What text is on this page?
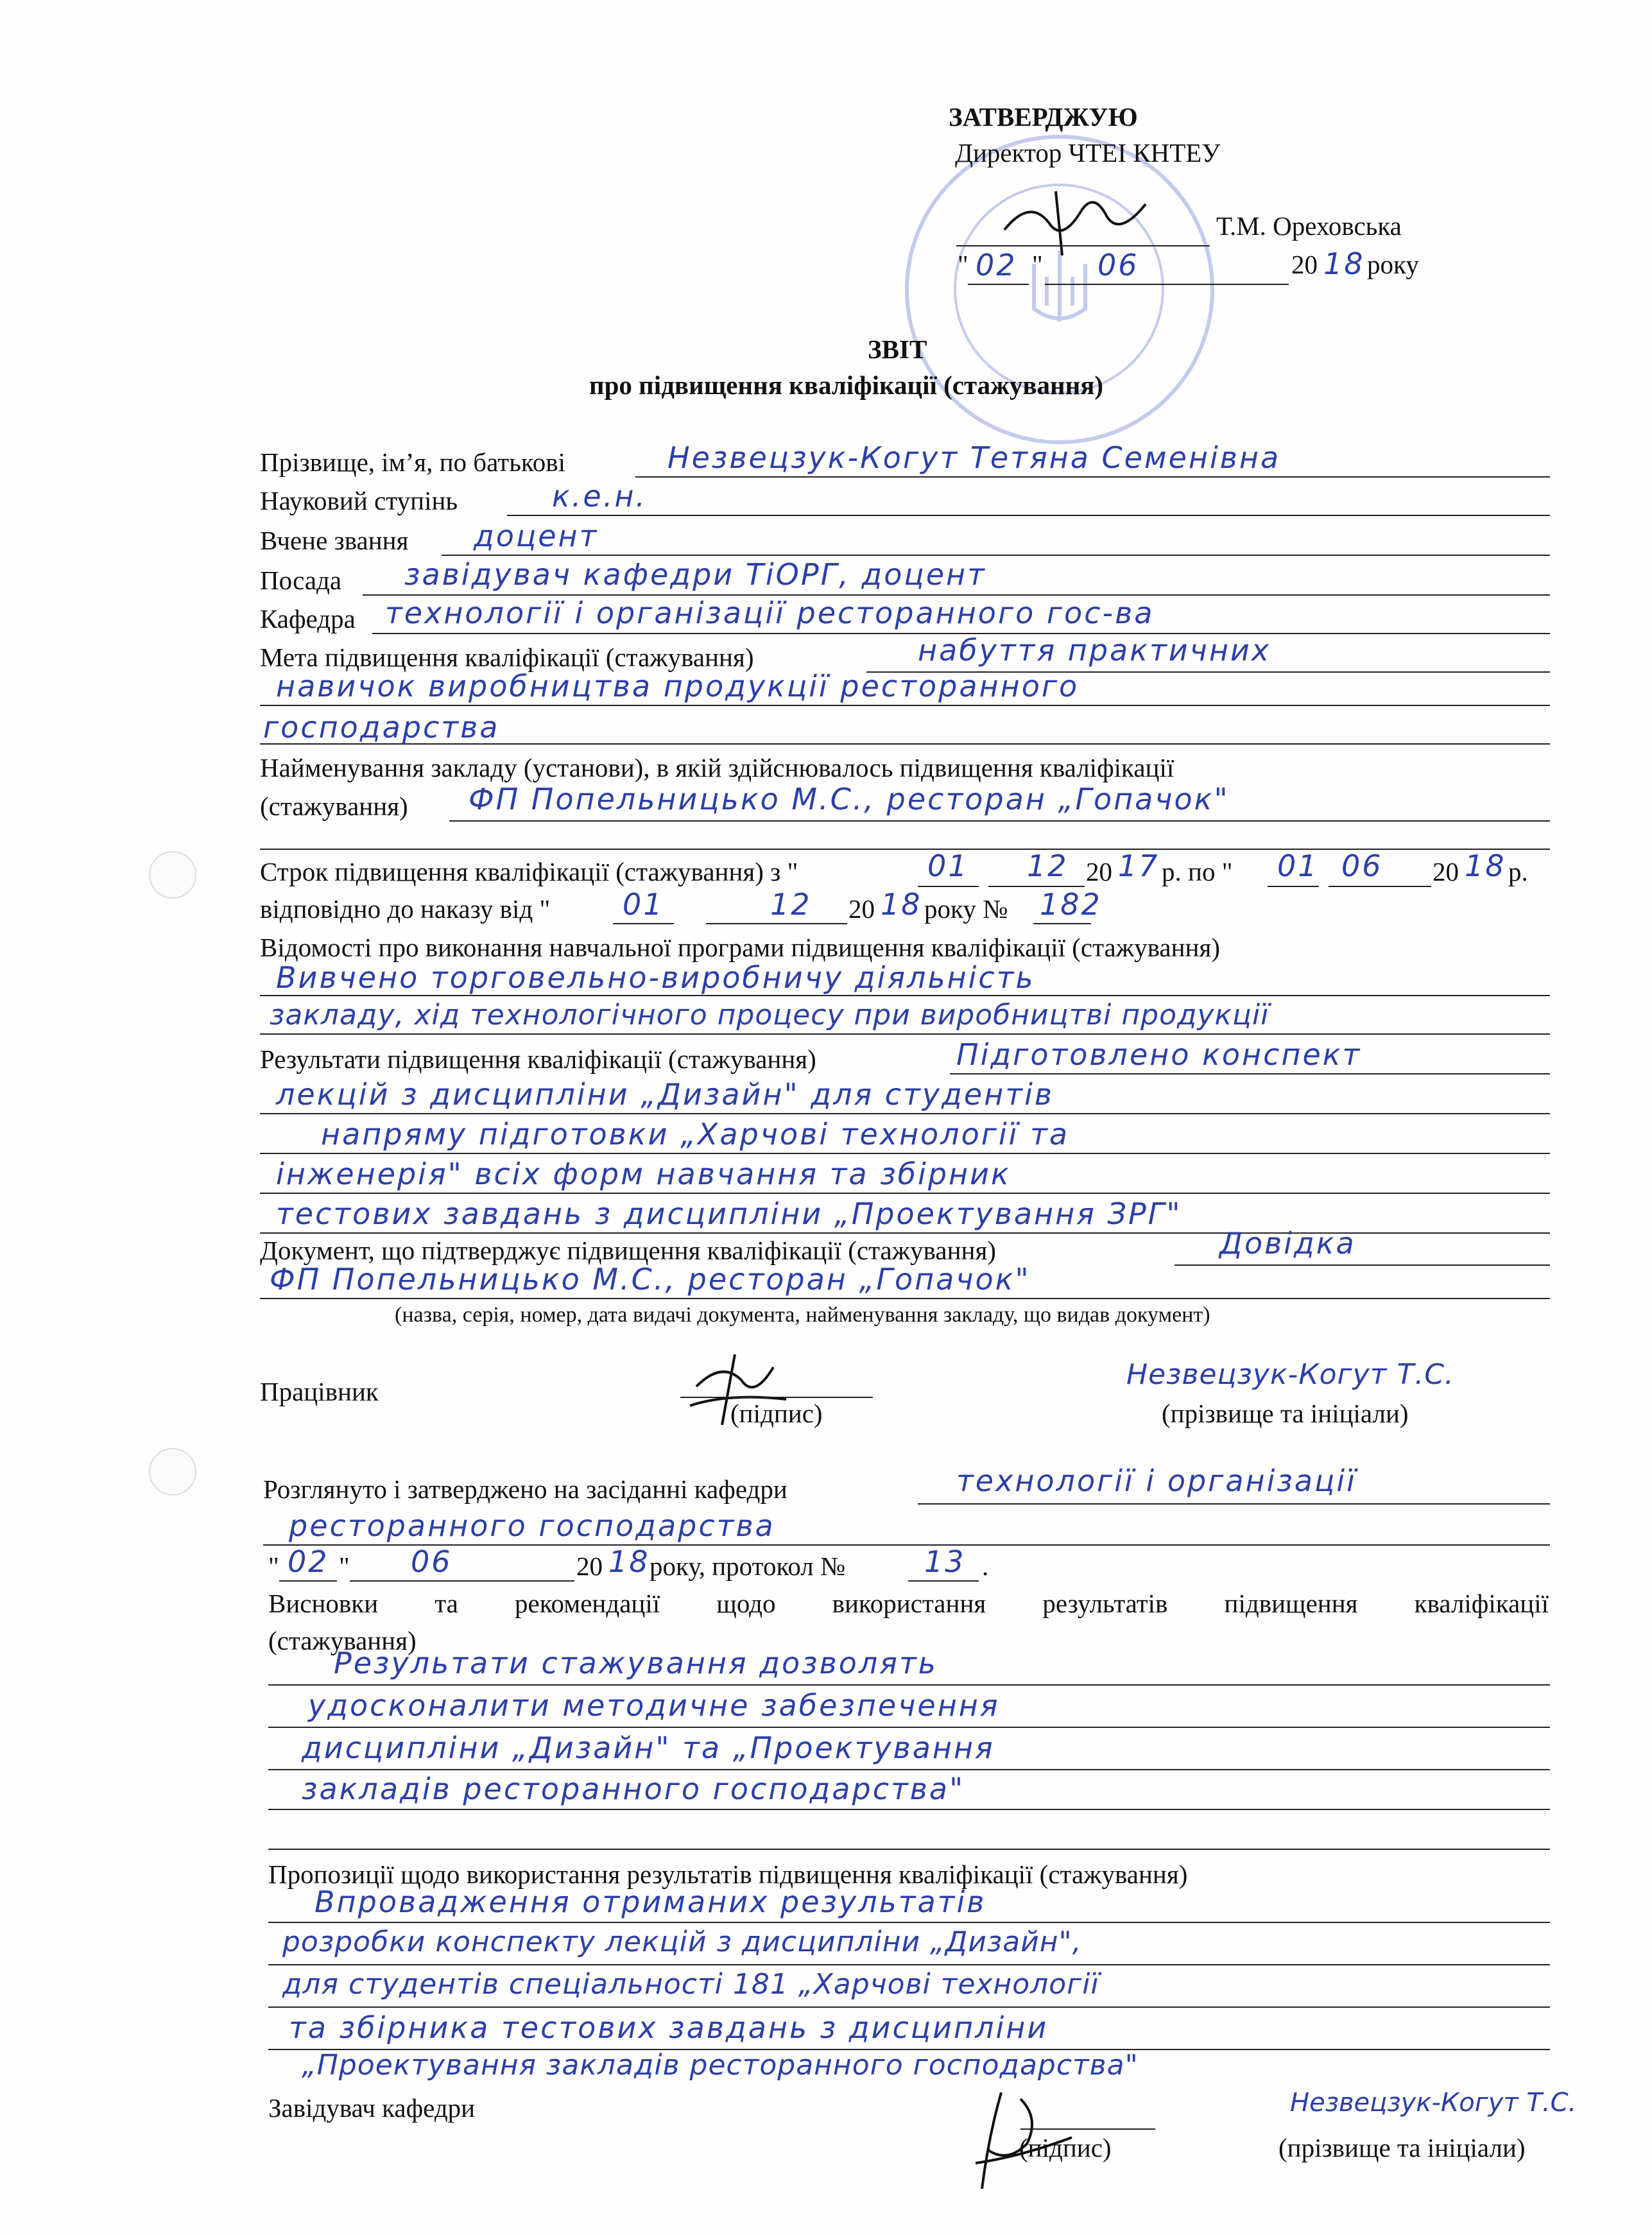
ЗАТВЕРДЖУЮ
Директор ЧТЕІ КНТЕУ
Т.М. Ореховська
" 02 " 06	20 18 року
ЗВІТ
про підвищення кваліфікації (стажування)
Прізвище, ім’я, по батькові	Незвецзук-Когут Тетяна Семенівна
Науковий ступінь	к.е.н.
Вчене звання доцент
Посада завідувач кафедри ТіОРГ, доцент
Кафедра технології і організації ресторанного гос-ва
Мета підвищення кваліфікації (стажування)	набуття практичних
навичок виробництва продукції ресторанного
господарства
Найменування закладу (установи), в якій здійснювалось підвищення кваліфікації
(стажування) ФП Попельницько М.С., ресторан „Гопачок"
Строк підвищення кваліфікації (стажування) з "	01 12 20 17 р. по " 01 06 20 18 р.
відповідно до наказу від " 01	12 20 18 року № 182
Відомості про виконання навчальної програми підвищення кваліфікації (стажування)
Вивчено торговельно-виробничу діяльність
закладу, хід технологічного процесу при виробництві продукції
Результати підвищення кваліфікації (стажування)	Підготовлено конспект
лекцій з дисципліни „Дизайн" для студентів
напряму підготовки „Харчові технології та
інженерія" всіх форм навчання та збірник
тестових завдань з дисципліни „Проектування ЗРГ"
Документ, що підтверджує підвищення кваліфікації (стажування)	Довідка
ФП Попельницько М.С., ресторан „Гопачок"
(назва, серія, номер, дата видачі документа, найменування закладу, що видав документ)
Працівник
(підпис)
Незвецзук-Когут Т.С.
(прізвище та ініціали)
Розглянуто і затверджено на засіданні кафедри	технології і організації
ресторанного господарства
" 02 " 06	20 18 року, протокол №	13 .
Висновки та рекомендації щодо використання результатів підвищення кваліфікації
(стажування)
Результати стажування дозволять
удосконалити методичне забезпечення
дисципліни „Дизайн" та „Проектування
закладів ресторанного господарства"
Пропозиції щодо використання результатів підвищення кваліфікації (стажування)
Впровадження отриманих результатів
розробки конспекту лекцій з дисципліни „Дизайн",
для студентів спеціальності 181 „Харчові технології
та збірника тестових завдань з дисципліни
„Проектування закладів ресторанного господарства"
Завідувач кафедри
(підпис)
Незвецзук-Когут Т.С.
(прізвище та ініціали)
